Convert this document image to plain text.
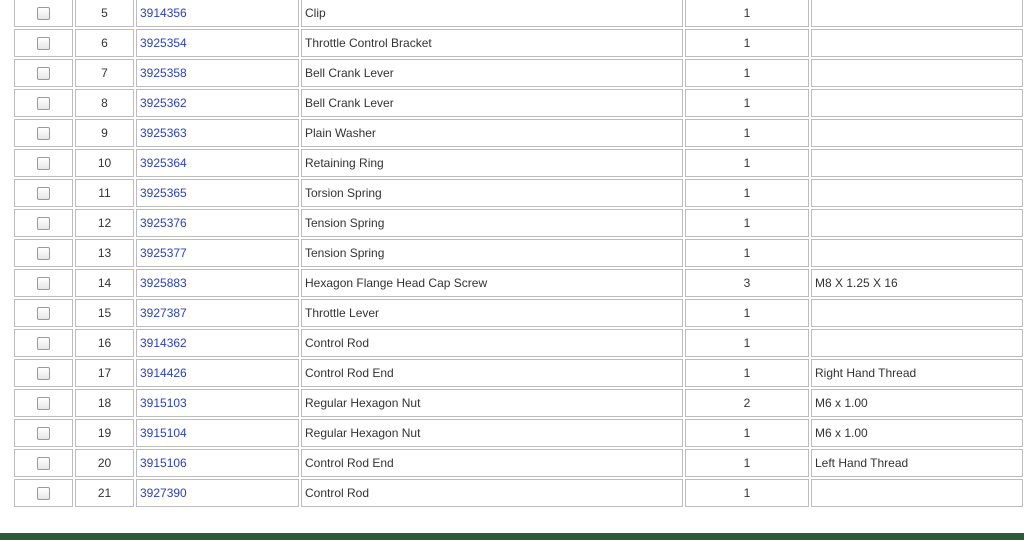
	5	3914356	Clip	1	
	6	3925354	Throttle Control Bracket	1	
	7	3925358	Bell Crank Lever	1	
	8	3925362	Bell Crank Lever	1	
	9	3925363	Plain Washer	1	
	10	3925364	Retaining Ring	1	
	11	3925365	Torsion Spring	1	
	12	3925376	Tension Spring	1	
	13	3925377	Tension Spring	1	
	14	3925883	Hexagon Flange Head Cap Screw	3	M8 X 1.25 X 16
	15	3927387	Throttle Lever	1	
	16	3914362	Control Rod	1	
	17	3914426	Control Rod End	1	Right Hand Thread
	18	3915103	Regular Hexagon Nut	2	M6 x 1.00
	19	3915104	Regular Hexagon Nut	1	M6 x 1.00
	20	3915106	Control Rod End	1	Left Hand Thread
	21	3927390	Control Rod	1	
